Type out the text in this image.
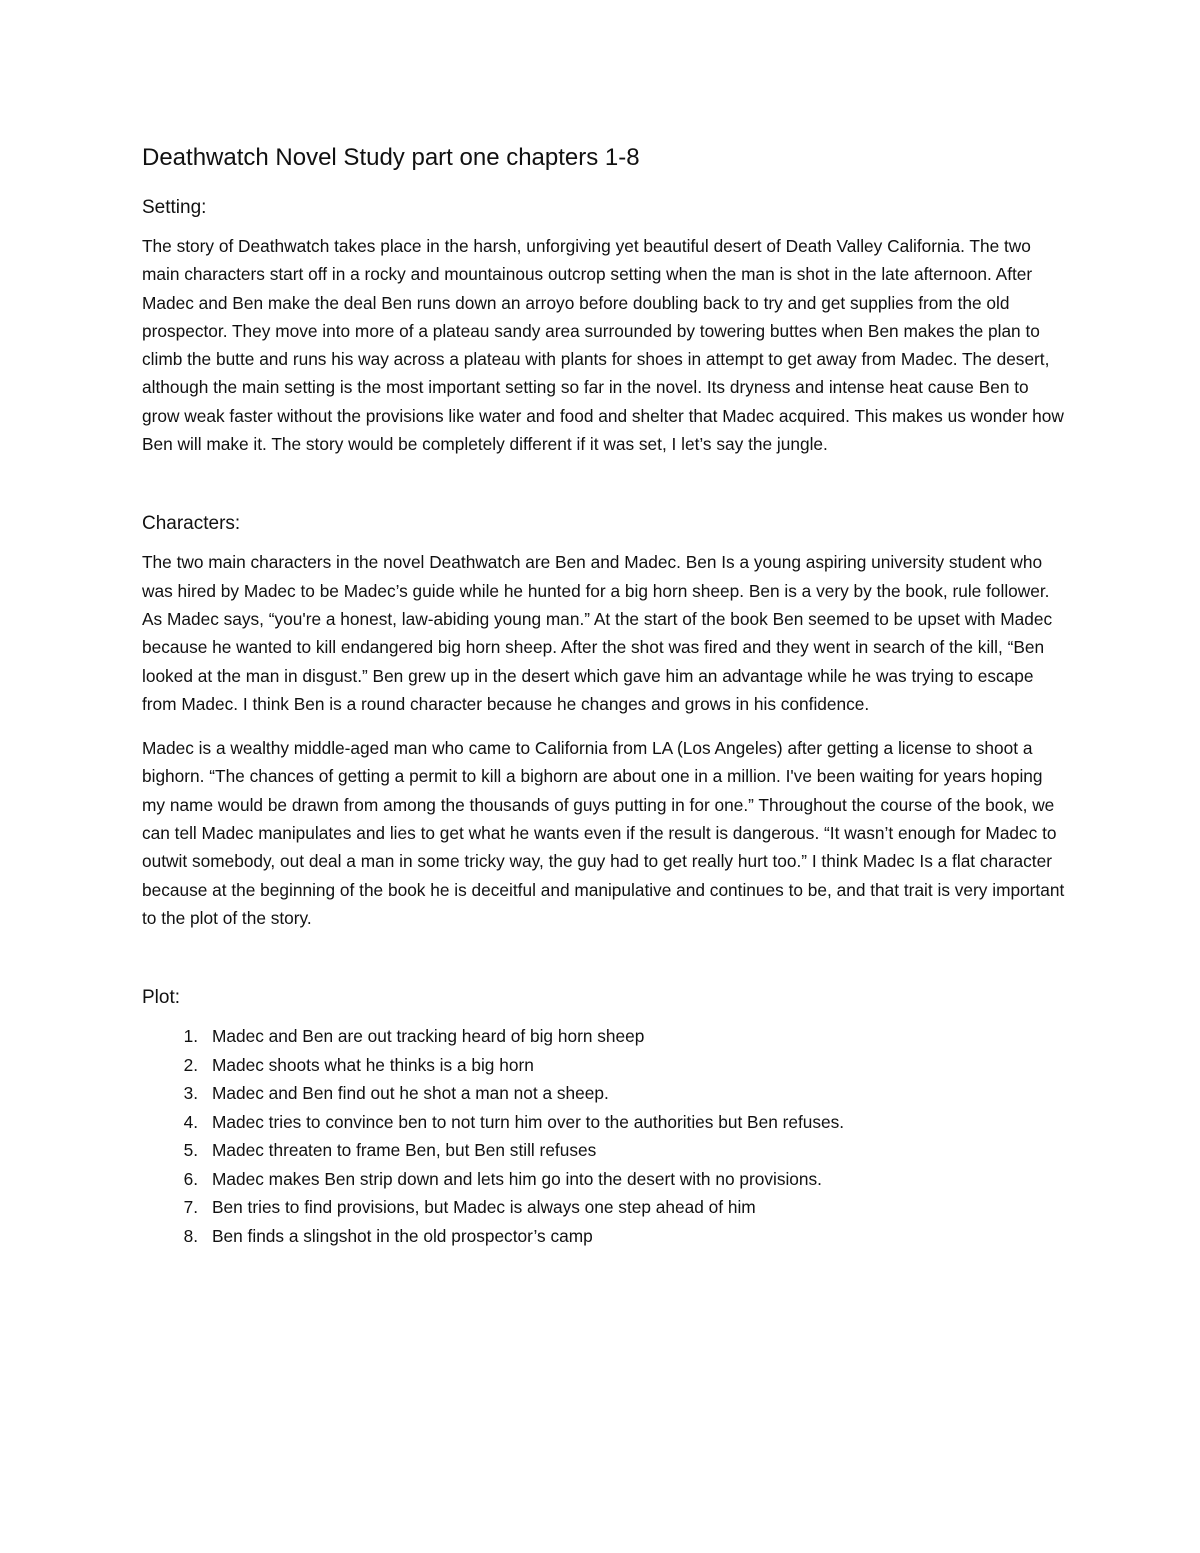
Deathwatch Novel Study part one chapters 1-8
Setting:

The story of Deathwatch takes place in the harsh, unforgiving yet beautiful desert of Death Valley California. The two main characters start off in a rocky and mountainous outcrop setting when the man is shot in the late afternoon. After Madec and Ben make the deal Ben runs down an arroyo before doubling back to try and get supplies from the old prospector. They move into more of a plateau sandy area surrounded by towering buttes when Ben makes the plan to climb the butte and runs his way across a plateau with plants for shoes in attempt to get away from Madec. The desert, although the main setting is the most important setting so far in the novel. Its dryness and intense heat cause Ben to grow weak faster without the provisions like water and food and shelter that Madec acquired. This makes us wonder how Ben will make it. The story would be completely different if it was set, I let’s say the jungle.

Characters:

The two main characters in the novel Deathwatch are Ben and Madec. Ben Is a young aspiring university student who was hired by Madec to be Madec’s guide while he hunted for a big horn sheep. Ben is a very by the book, rule follower. As Madec says, “you're a honest, law-abiding young man.” At the start of the book Ben seemed to be upset with Madec because he wanted to kill endangered big horn sheep. After the shot was fired and they went in search of the kill, “Ben looked at the man in disgust.” Ben grew up in the desert which gave him an advantage while he was trying to escape from Madec. I think Ben is a round character because he changes and grows in his confidence.

Madec is a wealthy middle-aged man who came to California from LA (Los Angeles) after getting a license to shoot a bighorn. “The chances of getting a permit to kill a bighorn are about one in a million. I've been waiting for years hoping my name would be drawn from among the thousands of guys putting in for one.” Throughout the course of the book, we can tell Madec manipulates and lies to get what he wants even if the result is dangerous. “It wasn’t enough for Madec to outwit somebody, out deal a man in some tricky way, the guy had to get really hurt too.” I think Madec Is a flat character because at the beginning of the book he is deceitful and manipulative and continues to be, and that trait is very important to the plot of the story.

Plot:
1. Madec and Ben are out tracking heard of big horn sheep
2. Madec shoots what he thinks is a big horn
3. Madec and Ben find out he shot a man not a sheep.
4. Madec tries to convince ben to not turn him over to the authorities but Ben refuses.
5. Madec threaten to frame Ben, but Ben still refuses
6. Madec makes Ben strip down and lets him go into the desert with no provisions.
7. Ben tries to find provisions, but Madec is always one step ahead of him
8. Ben finds a slingshot in the old prospector’s camp
